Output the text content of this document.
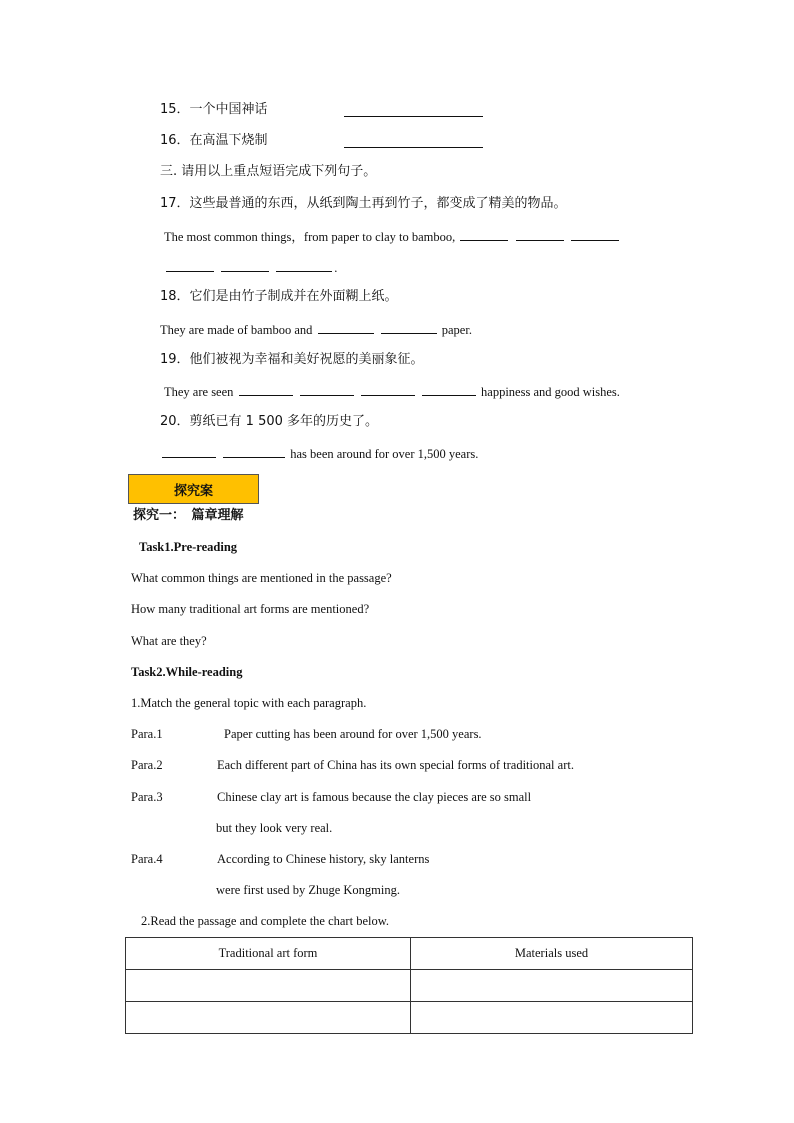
15．一个中国神话
16．在高温下烧制
三. 请用以上重点短语完成下列句子。
17．这些最普通的东西，从纸到陶土再到竹子，都变成了精美的物品。
The most common things，from paper to clay to bamboo,
.
18．它们是由竹子制成并在外面糊上纸。
They are made of bamboo and	paper.
19．他们被视为幸福和美好祝愿的美丽象征。
They are seen	happiness and good wishes.
20．剪纸已有 1 500 多年的历史了。
has been around for over 1,500 years.
探究案
探究一：　篇章理解
Task1.Pre-reading
What common things are mentioned in the passage?
How many traditional art forms are mentioned?
What are they?
Task2.While-reading
1.Match the general topic with each paragraph.
Para.1	Paper cutting has been around for over 1,500 years.
Para.2	Each different part of China has its own special forms of traditional art.
Para.3	Chinese clay art is famous because the clay pieces are so small
but they look very real.
Para.4	According to Chinese history, sky lanterns
were first used by Zhuge Kongming.
2.Read the passage and complete the chart below.
Traditional art form	Materials used
